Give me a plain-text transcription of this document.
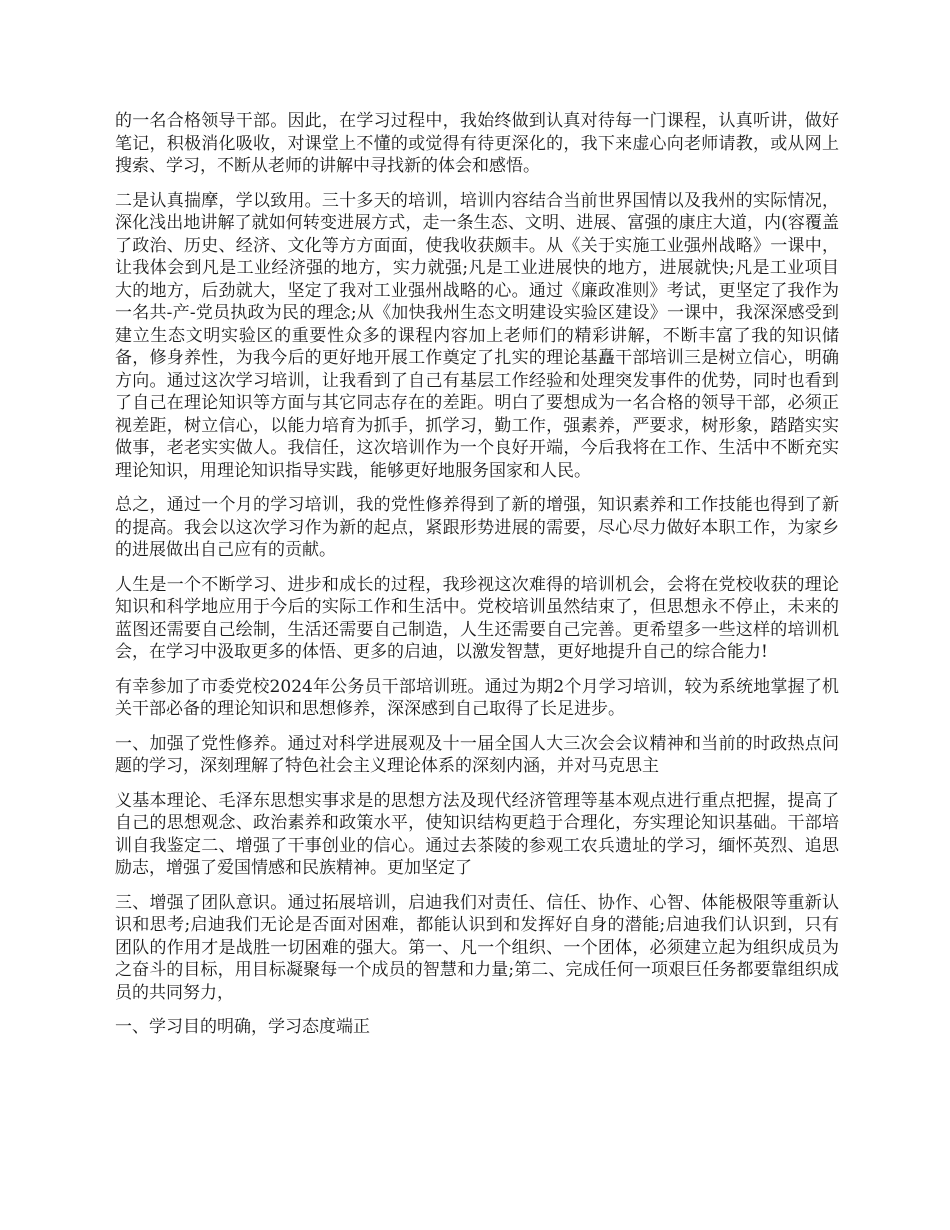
的一名合格领导干部。因此，在学习过程中，我始终做到认真对待每一门课程，认真听讲，做好笔记，积极消化吸收，对课堂上不懂的或觉得有待更深化的，我下来虚心向老师请教，或从网上搜索、学习，不断从老师的讲解中寻找新的体会和感悟。

二是认真揣摩，学以致用。三十多天的培训，培训内容结合当前世界国情以及我州的实际情况，深化浅出地讲解了就如何转变进展方式，走一条生态、文明、进展、富强的康庄大道，内(容覆盖了政治、历史、经济、文化等方方面面，使我收获颇丰。从《关于实施工业强州战略》一课中，让我体会到凡是工业经济强的地方，实力就强;凡是工业进展快的地方，进展就快;凡是工业项目大的地方，后劲就大，坚定了我对工业强州战略的心。通过《廉政准则》考试，更坚定了我作为一名共-产-党员执政为民的理念;从《加快我州生态文明建设实验区建设》一课中，我深深感受到建立生态文明实验区的重要性众多的课程内容加上老师们的精彩讲解，不断丰富了我的知识储备，修身养性，为我今后的更好地开展工作奠定了扎实的理论基矗干部培训三是树立信心，明确方向。通过这次学习培训，让我看到了自己有基层工作经验和处理突发事件的优势，同时也看到了自己在理论知识等方面与其它同志存在的差距。明白了要想成为一名合格的领导干部，必须正视差距，树立信心，以能力培育为抓手，抓学习，勤工作，强素养，严要求，树形象，踏踏实实做事，老老实实做人。我信任，这次培训作为一个良好开端，今后我将在工作、生活中不断充实理论知识，用理论知识指导实践，能够更好地服务国家和人民。

总之，通过一个月的学习培训，我的党性修养得到了新的增强，知识素养和工作技能也得到了新的提高。我会以这次学习作为新的起点，紧跟形势进展的需要，尽心尽力做好本职工作，为家乡的进展做出自己应有的贡献。

人生是一个不断学习、进步和成长的过程，我珍视这次难得的培训机会，会将在党校收获的理论知识和科学地应用于今后的实际工作和生活中。党校培训虽然结束了，但思想永不停止，未来的蓝图还需要自己绘制，生活还需要自己制造，人生还需要自己完善。更希望多一些这样的培训机会，在学习中汲取更多的体悟、更多的启迪，以激发智慧，更好地提升自己的综合能力!

有幸参加了市委党校2024年公务员干部培训班。通过为期2个月学习培训，较为系统地掌握了机关干部必备的理论知识和思想修养，深深感到自己取得了长足进步。

一、加强了党性修养。通过对科学进展观及十一届全国人大三次会会议精神和当前的时政热点问题的学习，深刻理解了特色社会主义理论体系的深刻内涵，并对马克思主

义基本理论、毛泽东思想实事求是的思想方法及现代经济管理等基本观点进行重点把握，提高了自己的思想观念、政治素养和政策水平，使知识结构更趋于合理化，夯实理论知识基础。干部培训自我鉴定二、增强了干事创业的信心。通过去茶陵的参观工农兵遗址的学习，缅怀英烈、追思励志，增强了爱国情感和民族精神。更加坚定了

三、增强了团队意识。通过拓展培训，启迪我们对责任、信任、协作、心智、体能极限等重新认识和思考;启迪我们无论是否面对困难，都能认识到和发挥好自身的潜能;启迪我们认识到，只有团队的作用才是战胜一切困难的强大。第一、凡一个组织、一个团体，必须建立起为组织成员为之奋斗的目标，用目标凝聚每一个成员的智慧和力量;第二、完成任何一项艰巨任务都要靠组织成员的共同努力，

一、学习目的明确，学习态度端正
